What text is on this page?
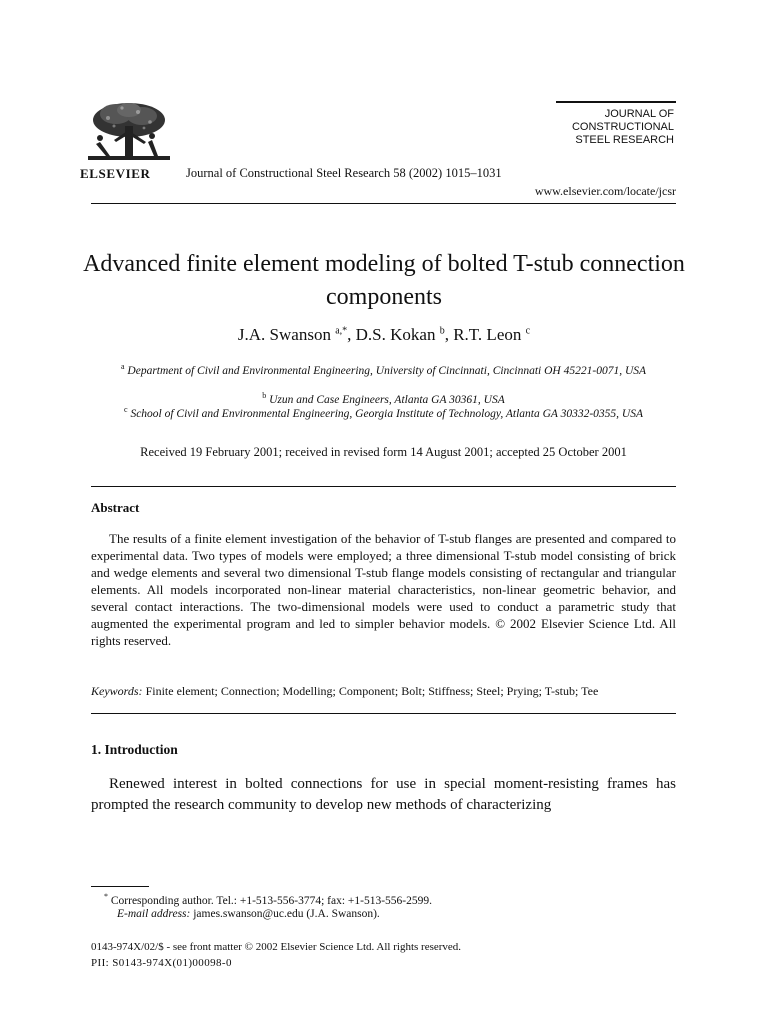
ELSEVIER	Journal of Constructional Steel Research 58 (2002) 1015–1031
JOURNAL OF
CONSTRUCTIONAL
STEEL RESEARCH
www.elsevier.com/locate/jcsr
Advanced finite element modeling of bolted T-stub connection components
J.A. Swanson $^{a,*}$, D.S. Kokan $^b$, R.T. Leon $^c$
$^a$ Department of Civil and Environmental Engineering, University of Cincinnati, Cincinnati OH 45221-0071, USA
$^b$ Uzun and Case Engineers, Atlanta GA 30361, USA
$^c$ School of Civil and Environmental Engineering, Georgia Institute of Technology, Atlanta GA 30332-0355, USA
Received 19 February 2001; received in revised form 14 August 2001; accepted 25 October 2001
Abstract
The results of a finite element investigation of the behavior of T-stub flanges are presented and compared to experimental data. Two types of models were employed; a three dimensional T-stub model consisting of brick and wedge elements and several two dimensional T-stub flange models consisting of rectangular and triangular elements. All models incorporated non-linear material characteristics, non-linear geometric behavior, and several contact interactions. The two-dimensional models were used to conduct a parametric study that augmented the experimental program and led to simpler behavior models. © 2002 Elsevier Science Ltd. All rights reserved.
Keywords: Finite element; Connection; Modelling; Component; Bolt; Stiffness; Steel; Prying; T-stub; Tee
1. Introduction
Renewed interest in bolted connections for use in special moment-resisting frames has prompted the research community to develop new methods of characterizing
* Corresponding author. Tel.: +1-513-556-3774; fax: +1-513-556-2599.
E-mail address: james.swanson@uc.edu (J.A. Swanson).
0143-974X/02/$ - see front matter © 2002 Elsevier Science Ltd. All rights reserved.
PII: S0143-974X(01)00098-0
